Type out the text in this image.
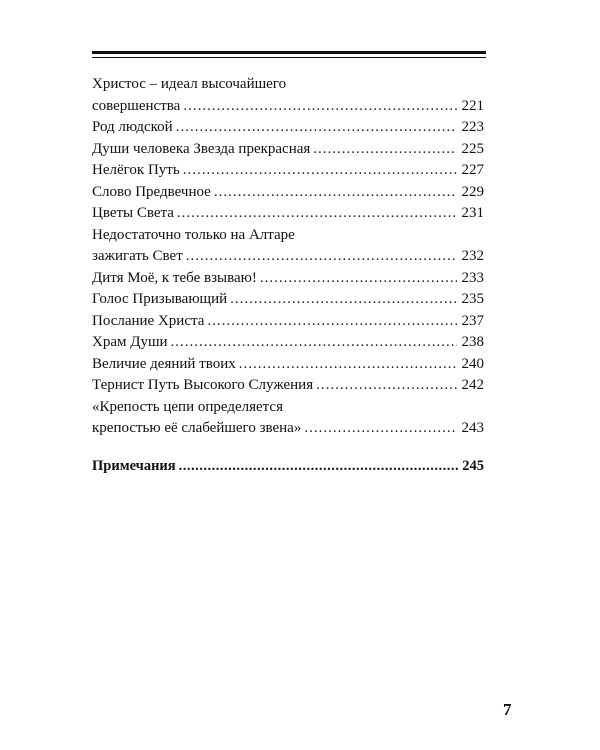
Христос – идеал высочайшего
совершенства .....	221
Род людской .....	223
Души человека Звезда прекрасная .....	225
Нелёгок Путь .....	227
Слово Предвечное .....	229
Цветы Света .....	231
Недостаточно только на Алтаре
зажигать Свет .....	232
Дитя Моё, к тебе взываю! .....	233
Голос Призывающий .....	235
Послание Христа .....	237
Храм Души .....	238
Величие деяний твоих .....	240
Тернист Путь Высокого Служения .....	242
«Крепость цепи определяется
крепостью её слабейшего звена» .....	243
Примечания .....	245
7
